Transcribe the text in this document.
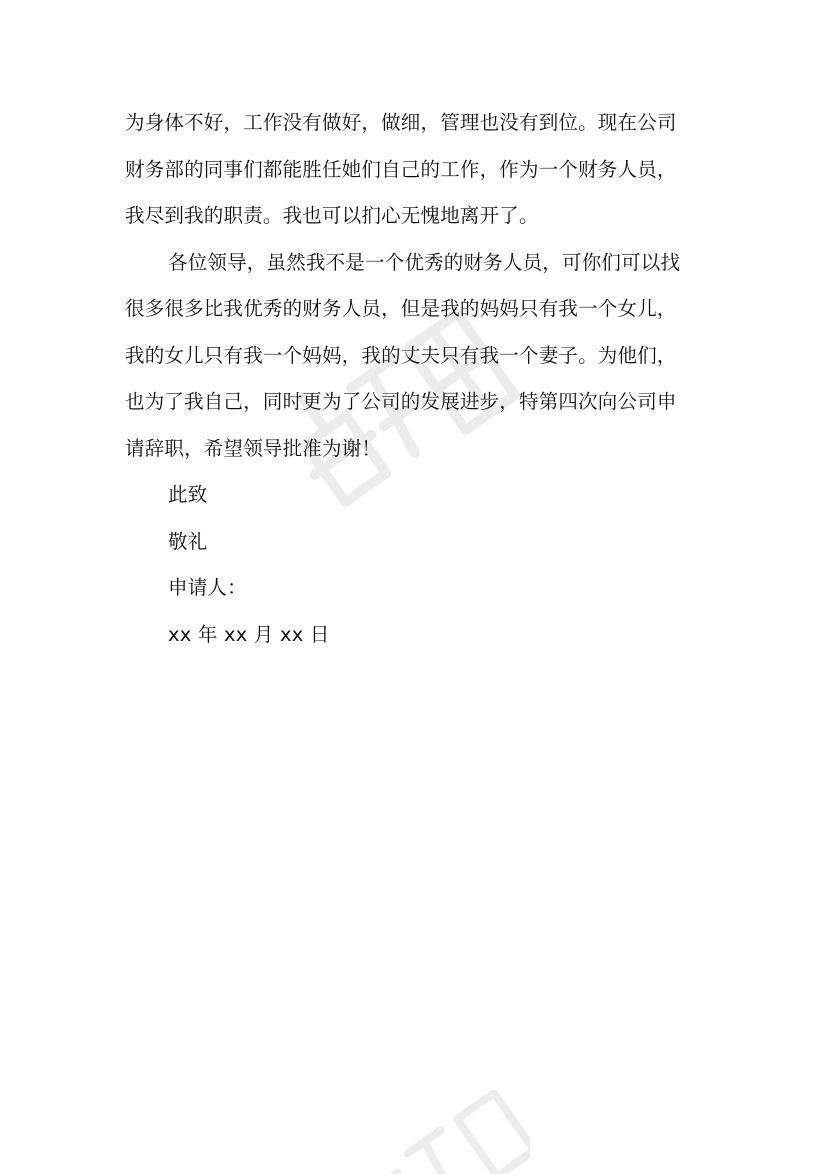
为身体不好，工作没有做好，做细，管理也没有到位。现在公司
财务部的同事们都能胜任她们自己的工作，作为一个财务人员，
我尽到我的职责。我也可以扪心无愧地离开了。
各位领导，虽然我不是一个优秀的财务人员，可你们可以找
很多很多比我优秀的财务人员，但是我的妈妈只有我一个女儿，
我的女儿只有我一个妈妈，我的丈夫只有我一个妻子。为他们，
也为了我自己，同时更为了公司的发展进步，特第四次向公司申
请辞职，希望领导批准为谢！
此致
敬礼
申请人：
xx 年 xx 月 xx 日
